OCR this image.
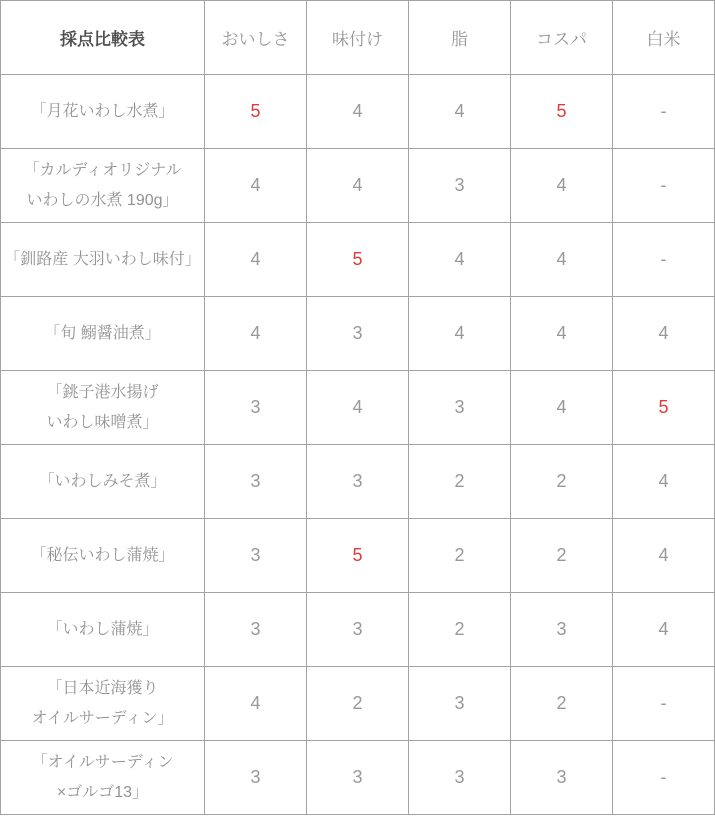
採点比較表	おいしさ	味付け	脂	コスパ	白米
「月花いわし水煮」	5	4	4	5	-
「カルディオリジナル
いわしの水煮 190g」	4	4	3	4	-
「釧路産 大羽いわし味付」	4	5	4	4	-
「旬 鰯醤油煮」	4	3	4	4	4
「銚子港水揚げ
いわし味噌煮」	3	4	3	4	5
「いわしみそ煮」	3	3	2	2	4
「秘伝いわし蒲焼」	3	5	2	2	4
「いわし蒲焼」	3	3	2	3	4
「日本近海獲り
オイルサーディン」	4	2	3	2	-
「オイルサーディン
×ゴルゴ13」	3	3	3	3	-
